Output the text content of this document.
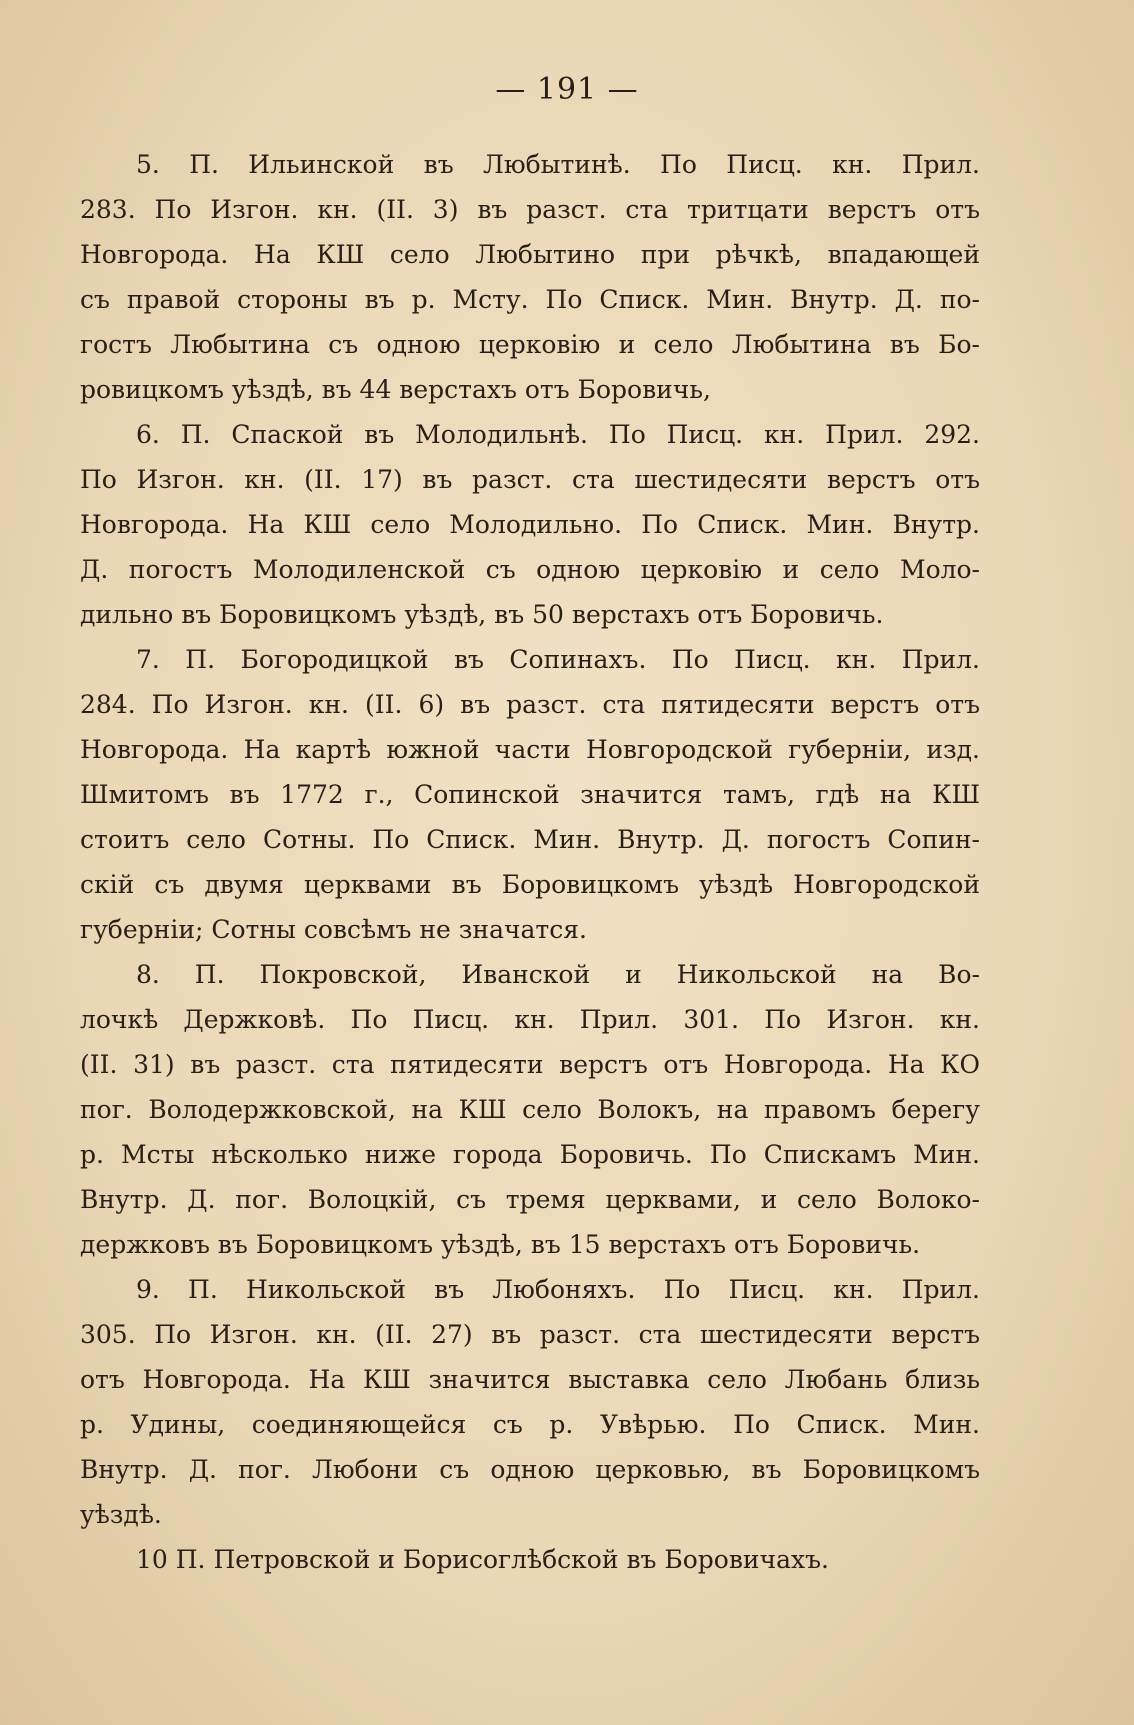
— 191 —
5. П. Ильинской въ Любытинѣ. По Писц. кн. Прил.
283. По Изгон. кн. (II. 3) въ разст. ста тритцати верстъ отъ
Новгорода. На КШ село Любытино при рѣчкѣ, впадающей
съ правой стороны въ р. Мсту. По Списк. Мин. Внутр. Д. по-
гостъ Любытина съ одною церковію и село Любытина въ Бо-
ровицкомъ уѣздѣ, въ 44 верстахъ отъ Боровичь,
6. П. Спаской въ Молодильнѣ. По Писц. кн. Прил. 292.
По Изгон. кн. (II. 17) въ разст. ста шестидесяти верстъ отъ
Новгорода. На КШ село Молодильно. По Списк. Мин. Внутр.
Д. погостъ Молодиленской съ одною церковію и село Моло-
дильно въ Боровицкомъ уѣздѣ, въ 50 верстахъ отъ Боровичь.
7. П. Богородицкой въ Сопинахъ. По Писц. кн. Прил.
284. По Изгон. кн. (II. 6) въ разст. ста пятидесяти верстъ отъ
Новгорода. На картѣ южной части Новгородской губерніи, изд.
Шмитомъ въ 1772 г., Сопинской значится тамъ, гдѣ на КШ
стоитъ село Сотны. По Списк. Мин. Внутр. Д. погостъ Сопин-
скій съ двумя церквами въ Боровицкомъ уѣздѣ Новгородской
губерніи; Сотны совсѣмъ не значатся.
8. П. Покровской, Иванской и Никольской на Во-
лочкѣ Держковѣ. По Писц. кн. Прил. 301. По Изгон. кн.
(II. 31) въ разст. ста пятидесяти верстъ отъ Новгорода. На КО
пог. Володержковской, на КШ село Волокъ, на правомъ берегу
р. Мсты нѣсколько ниже города Боровичь. По Спискамъ Мин.
Внутр. Д. пог. Волоцкій, съ тремя церквами, и село Волоко-
держковъ въ Боровицкомъ уѣздѣ, въ 15 верстахъ отъ Боровичь.
9. П. Никольской въ Любоняхъ. По Писц. кн. Прил.
305. По Изгон. кн. (II. 27) въ разст. ста шестидесяти верстъ
отъ Новгорода. На КШ значится выставка село Любань близь
р. Удины, соединяющейся съ р. Увѣрью. По Списк. Мин.
Внутр. Д. пог. Любони съ одною церковью, въ Боровицкомъ
уѣздѣ.
10 П. Петровской и Борисоглѣбской въ Боровичахъ.
